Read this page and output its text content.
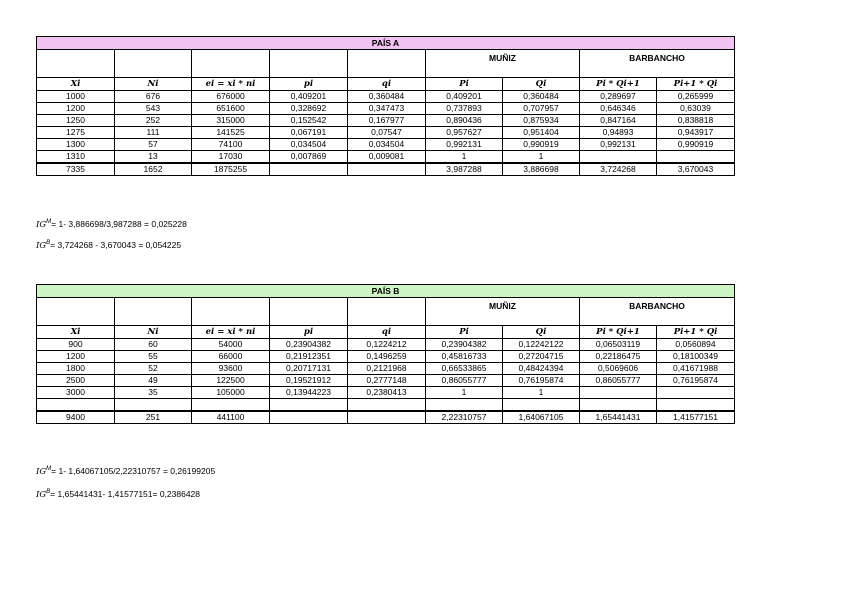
PAÍS A								
					MUÑIZ		BARBANCHO	
Xi	Ni	ei = xi * ni	pi	qi	Pi	Qi	Pi * Qi+1	Pi+1 * Qi
1000	676	676000	0,409201	0,360484	0,409201	0,360484	0,289697	0,265999
1200	543	651600	0,328692	0,347473	0,737893	0,707957	0,646346	0,63039
1250	252	315000	0,152542	0,167977	0,890436	0,875934	0,847164	0,838818
1275	111	141525	0,067191	0,07547	0,957627	0,951404	0,94893	0,943917
1300	57	74100	0,034504	0,034504	0,992131	0,990919	0,992131	0,990919
1310	13	17030	0,007869	0,009081	1	1		
7335	1652	1875255			3,987288	3,886698	3,724268	3,670043
$IG^M= 1-$ 3,886698/3,987288 = 0,025228
$IG^B= 3,724268 - 3,670043 = 0,054225$
PAÍS B								
					MUÑIZ		BARBANCHO	
Xi	Ni	ei = xi * ni	pi	qi	Pi	Qi	Pi * Qi+1	Pi+1 * Qi
900	60	54000	0,23904382	0,1224212	0,23904382	0,12242122	0,06503119	0,0560894
1200	55	66000	0,21912351	0,1496259	0,45816733	0,27204715	0,22186475	0,18100349
1800	52	93600	0,20717131	0,2121968	0,66533865	0,48424394	0,5069606	0,41671988
2500	49	122500	0,19521912	0,2777148	0,86055777	0,76195874	0,86055777	0,76195874
3000	35	105000	0,13944223	0,2380413	1	1		

9400	251	441100			2,22310757	1,64067105	1,65441431	1,41577151
$IG^M= 1-$ 1,64067105/2,22310757 = 0,26199205
$IG^B= 1,65441431-$ 1,41577151= 0,2386428
